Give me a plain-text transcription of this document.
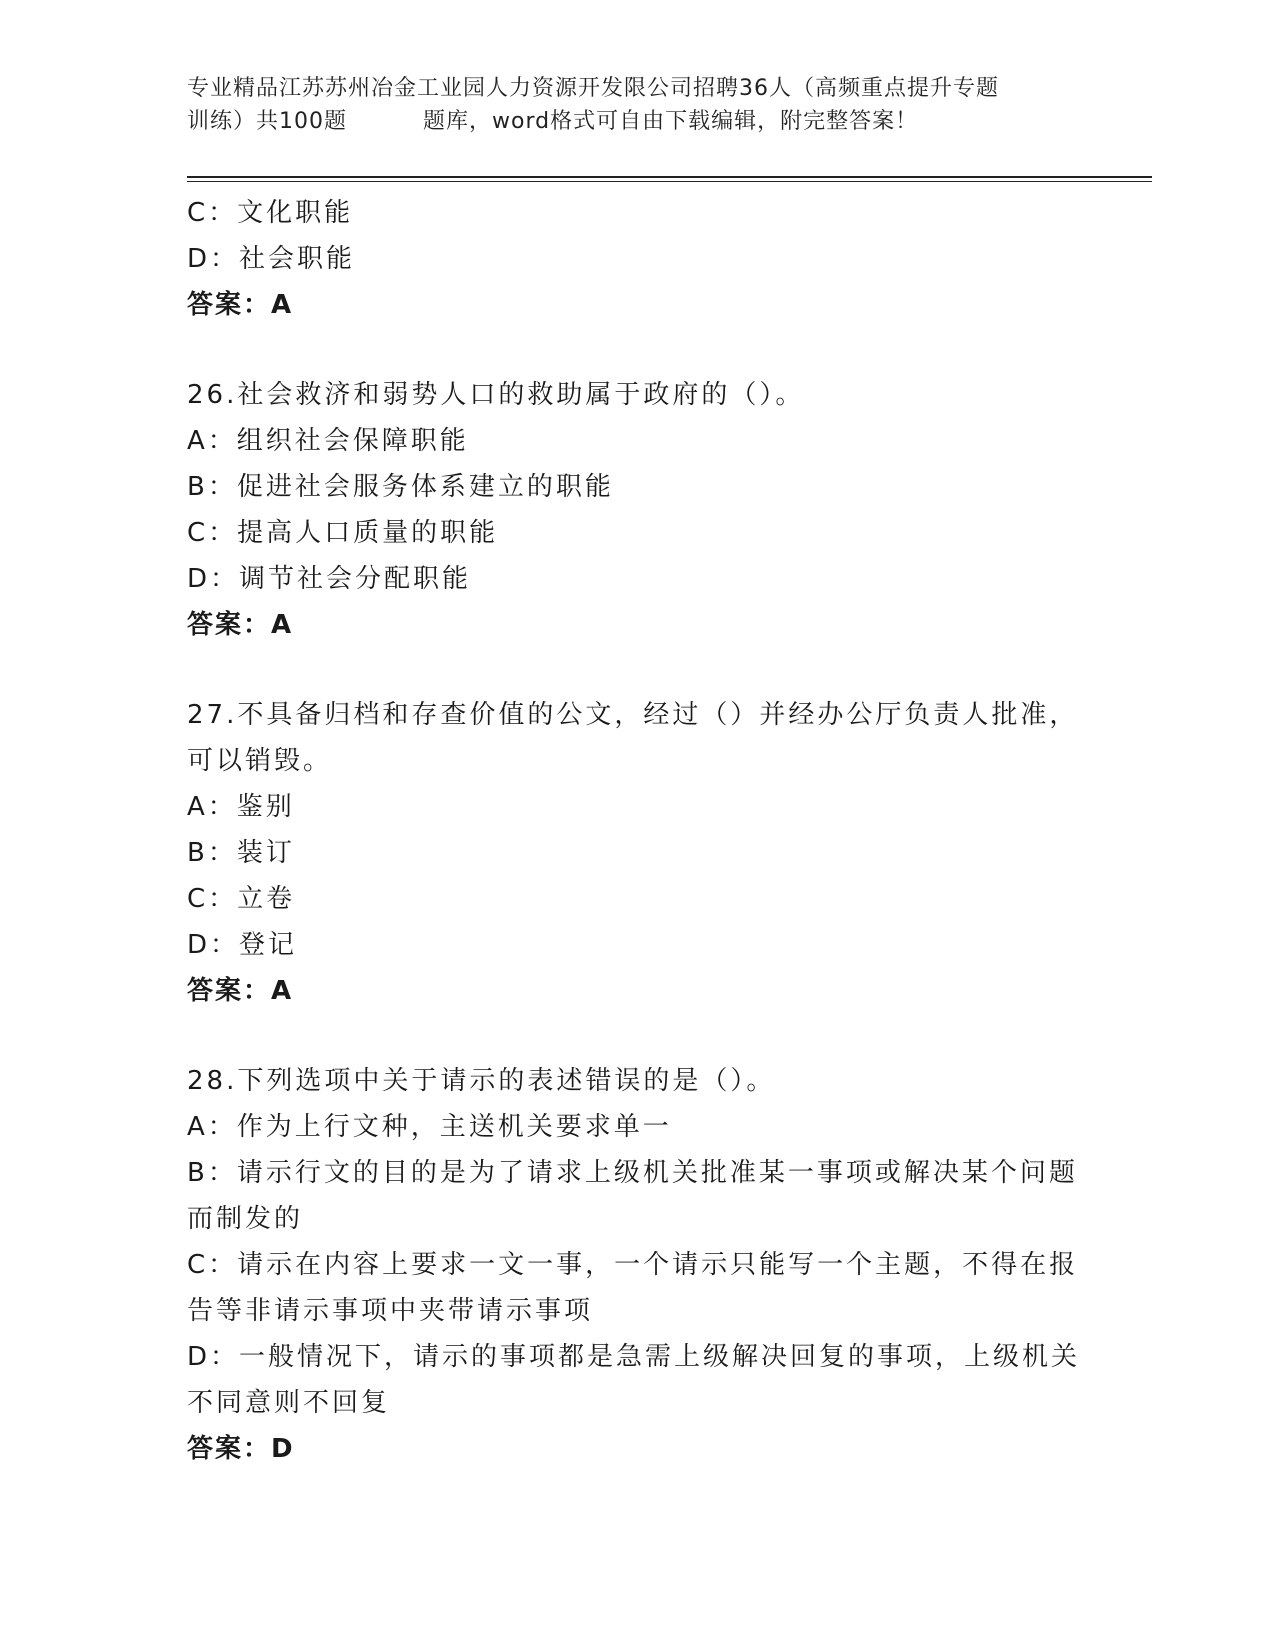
专业精品江苏苏州冶金工业园人力资源开发限公司招聘36人（高频重点提升专题
训练）共100题	题库，word格式可自由下载编辑，附完整答案！
C：文化职能
D：社会职能
答案：A
26.社会救济和弱势人口的救助属于政府的（）。
A：组织社会保障职能
B：促进社会服务体系建立的职能
C：提高人口质量的职能
D：调节社会分配职能
答案：A
27.不具备归档和存查价值的公文，经过（）并经办公厅负责人批准，
可以销毁。
A：鉴别
B：装订
C：立卷
D：登记
答案：A
28.下列选项中关于请示的表述错误的是（）。
A：作为上行文种，主送机关要求单一
B：请示行文的目的是为了请求上级机关批准某一事项或解决某个问题
而制发的
C：请示在内容上要求一文一事，一个请示只能写一个主题，不得在报
告等非请示事项中夹带请示事项
D：一般情况下，请示的事项都是急需上级解决回复的事项，上级机关
不同意则不回复
答案：D
